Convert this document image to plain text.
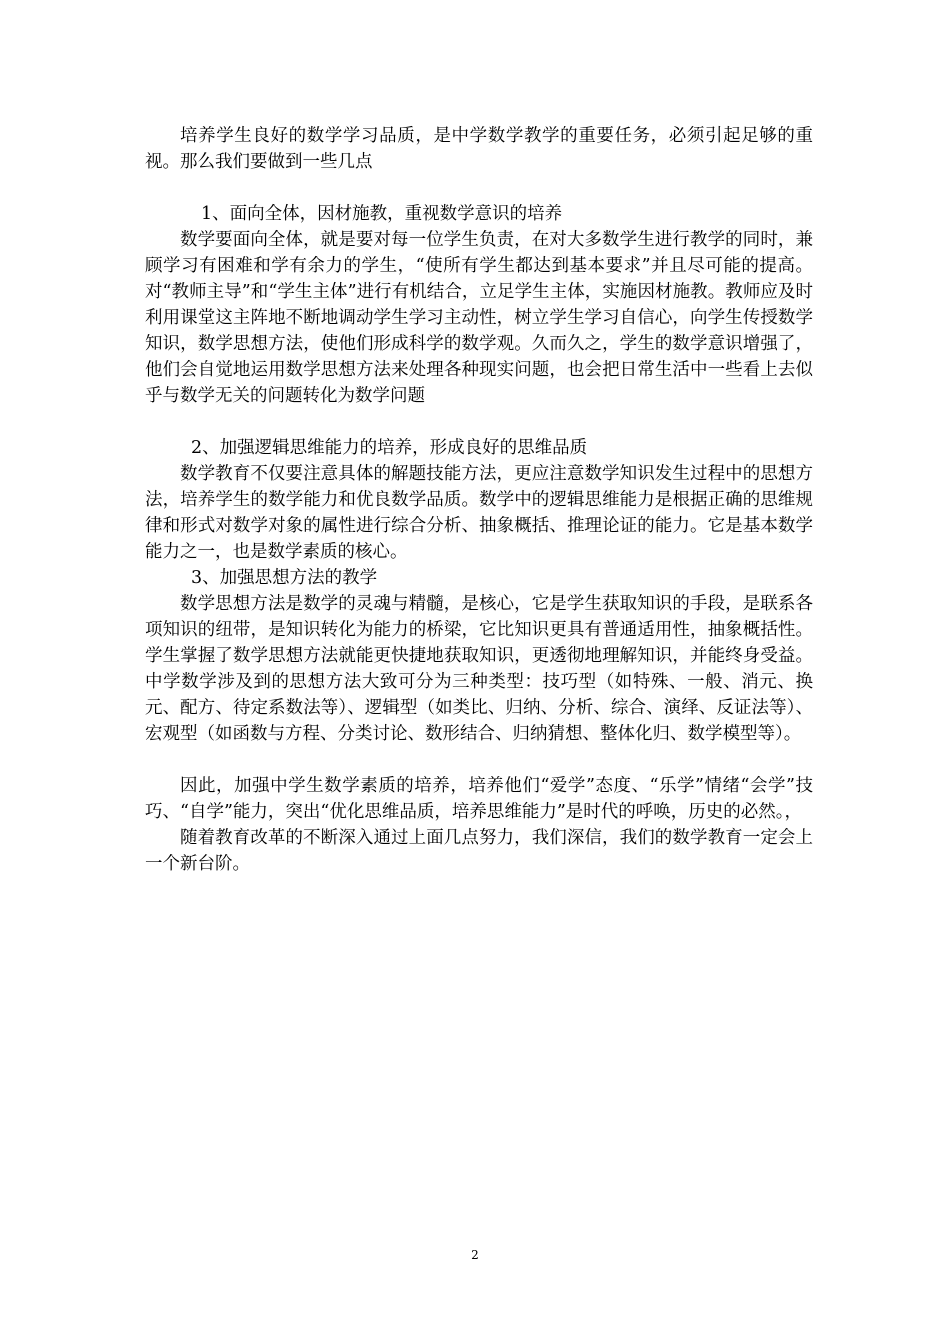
培养学生良好的数学学习品质，是中学数学教学的重要任务，必须引起足够的重视。那么我们要做到一些几点

1、面向全体，因材施教，重视数学意识的培养

数学要面向全体，就是要对每一位学生负责，在对大多数学生进行教学的同时，兼顾学习有困难和学有余力的学生，“使所有学生都达到基本要求”并且尽可能的提高。对“教师主导”和“学生主体”进行有机结合，立足学生主体，实施因材施教。教师应及时利用课堂这主阵地不断地调动学生学习主动性，树立学生学习自信心，向学生传授数学知识，数学思想方法，使他们形成科学的数学观。久而久之，学生的数学意识增强了，他们会自觉地运用数学思想方法来处理各种现实问题，也会把日常生活中一些看上去似乎与数学无关的问题转化为数学问题

2、加强逻辑思维能力的培养，形成良好的思维品质

数学教育不仅要注意具体的解题技能方法，更应注意数学知识发生过程中的思想方法，培养学生的数学能力和优良数学品质。数学中的逻辑思维能力是根据正确的思维规律和形式对数学对象的属性进行综合分析、抽象概括、推理论证的能力。它是基本数学能力之一，也是数学素质的核心。

3、加强思想方法的教学

数学思想方法是数学的灵魂与精髓，是核心，它是学生获取知识的手段，是联系各项知识的纽带，是知识转化为能力的桥梁，它比知识更具有普通适用性，抽象概括性。学生掌握了数学思想方法就能更快捷地获取知识，更透彻地理解知识，并能终身受益。中学数学涉及到的思想方法大致可分为三种类型：技巧型（如特殊、一般、消元、换元、配方、待定系数法等）、逻辑型（如类比、归纳、分析、综合、演绎、反证法等）、宏观型（如函数与方程、分类讨论、数形结合、归纳猜想、整体化归、数学模型等）。

因此，加强中学生数学素质的培养，培养他们“爱学”态度、“乐学”情绪“会学”技巧、“自学”能力，突出“优化思维品质，培养思维能力”是时代的呼唤，历史的必然。，

随着教育改革的不断深入通过上面几点努力，我们深信，我们的数学教育一定会上一个新台阶。

2
